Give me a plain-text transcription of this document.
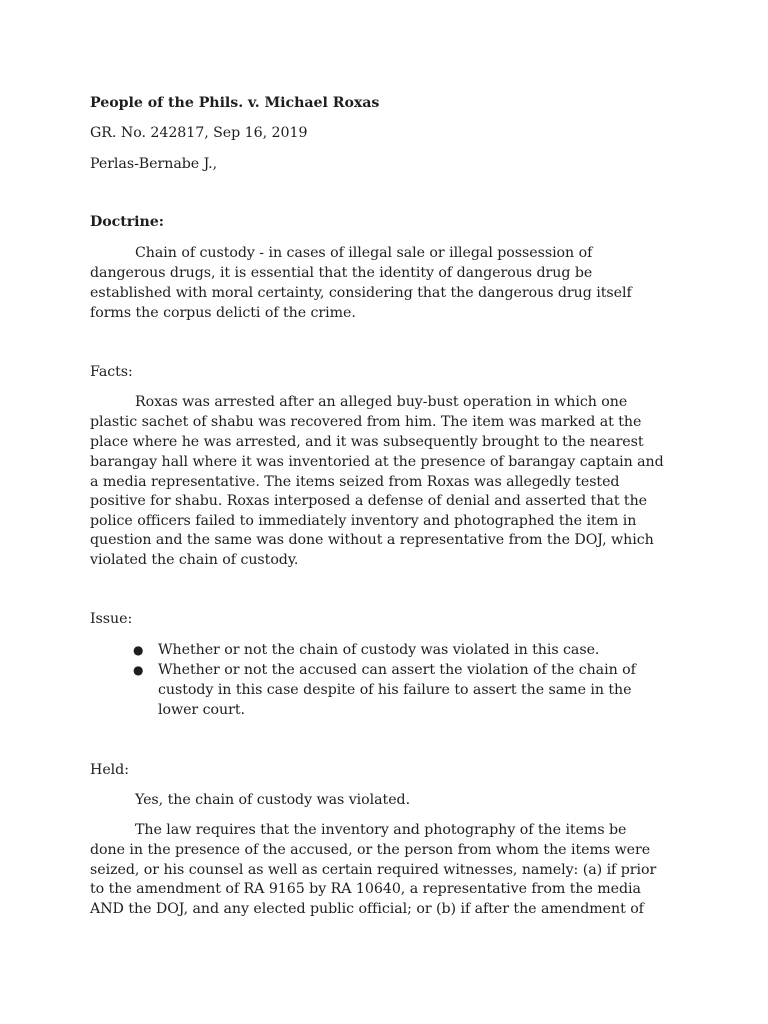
People of the Phils. v. Michael Roxas
GR. No. 242817, Sep 16, 2019
Perlas-Bernabe J.,
Doctrine:
Chain of custody - in cases of illegal sale or illegal possession of
dangerous drugs, it is essential that the identity of dangerous drug be
established with moral certainty, considering that the dangerous drug itself
forms the corpus delicti of the crime.
Facts:
Roxas was arrested after an alleged buy-bust operation in which one
plastic sachet of shabu was recovered from him. The item was marked at the
place where he was arrested, and it was subsequently brought to the nearest
barangay hall where it was inventoried at the presence of barangay captain and
a media representative. The items seized from Roxas was allegedly tested
positive for shabu. Roxas interposed a defense of denial and asserted that the
police officers failed to immediately inventory and photographed the item in
question and the same was done without a representative from the DOJ, which
violated the chain of custody.
Issue:
● Whether or not the chain of custody was violated in this case.
● Whether or not the accused can assert the violation of the chain of
custody in this case despite of his failure to assert the same in the
lower court.
Held:
Yes, the chain of custody was violated.
The law requires that the inventory and photography of the items be
done in the presence of the accused, or the person from whom the items were
seized, or his counsel as well as certain required witnesses, namely: (a) if prior
to the amendment of RA 9165 by RA 10640, a representative from the media
AND the DOJ, and any elected public official; or (b) if after the amendment of
